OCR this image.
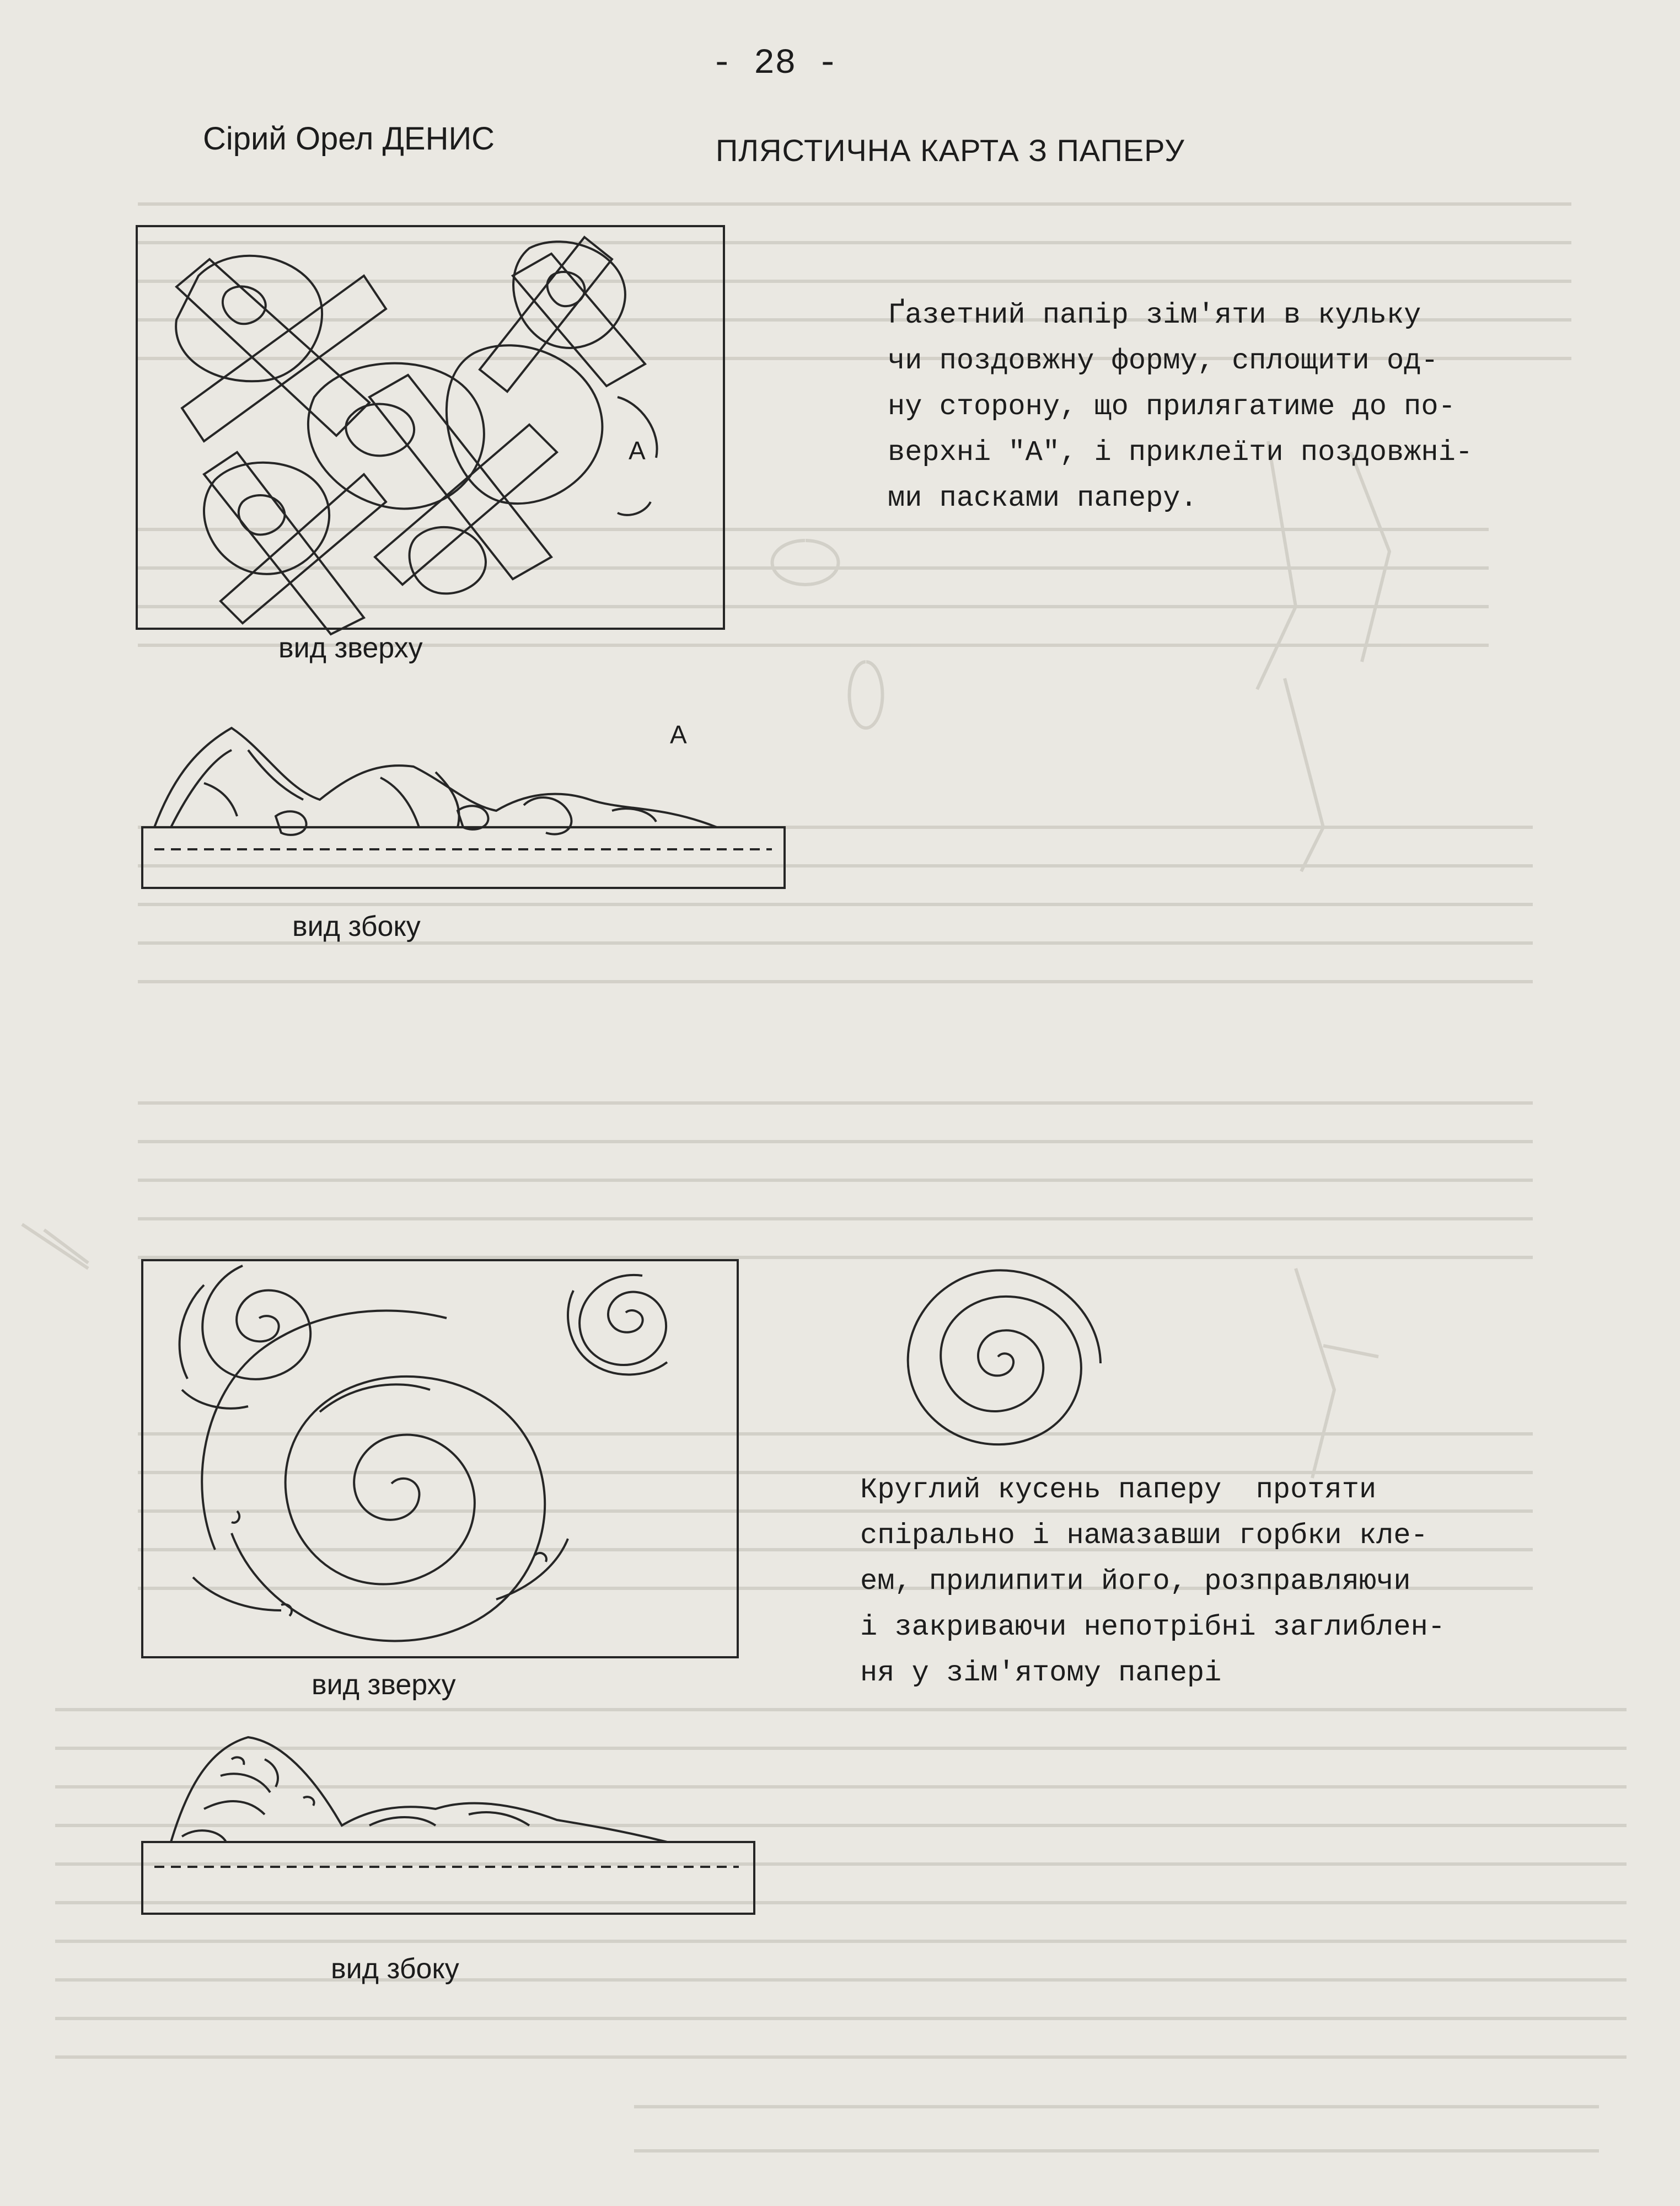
- 28 -
Сірий Орел ДЕНИС	ПЛЯСТИЧНА КАРТА З ПАПЕРУ
Ґазетний папір зім'яти в кульку
чи поздовжну форму, сплощити од-
ну сторону, що прилягатиме до по-
верхні "А", і приклеїти поздовжні-
ми пасками паперу.
А
вид зверху
А
вид збоку
Круглий кусень паперу  протяти
спірально і намазавши горбки кле-
ем, прилипити його, розправляючи
і закриваючи непотрібні заглиблен-
ня у зім'ятому папері
вид зверху
вид збоку
